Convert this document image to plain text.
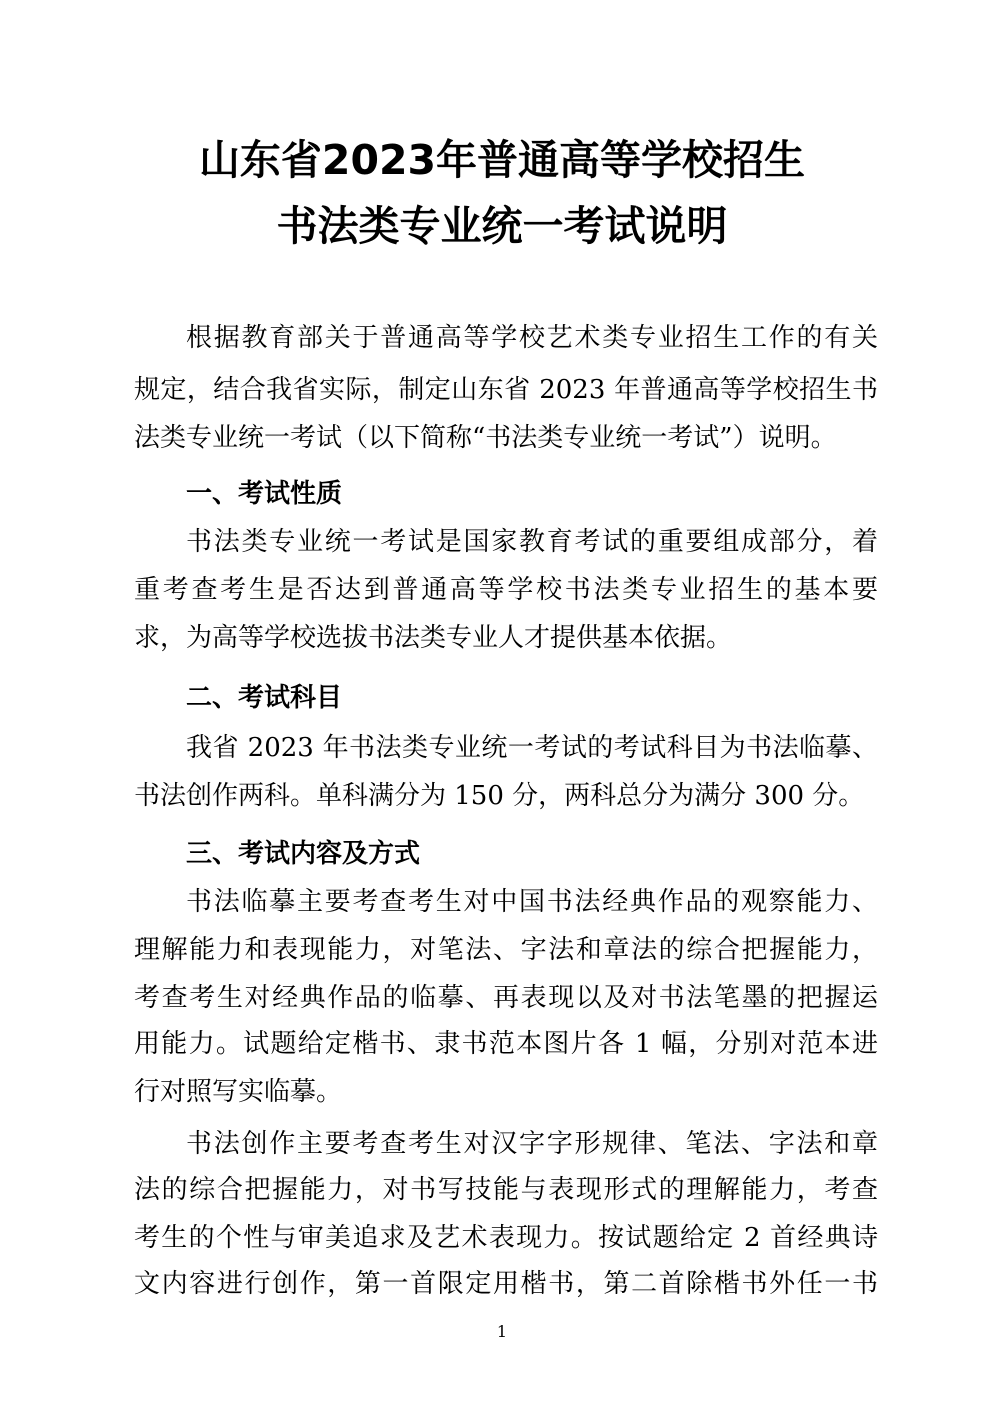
山东省2023年普通高等学校招生
书法类专业统一考试说明
根据教育部关于普通高等学校艺术类专业招生工作的有关
规定，结合我省实际，制定山东省 2023 年普通高等学校招生书
法类专业统一考试（以下简称“书法类专业统一考试”）说明。
一、考试性质
书法类专业统一考试是国家教育考试的重要组成部分，着
重考查考生是否达到普通高等学校书法类专业招生的基本要
求，为高等学校选拔书法类专业人才提供基本依据。
二、考试科目
我省 2023 年书法类专业统一考试的考试科目为书法临摹、
书法创作两科。单科满分为 150 分，两科总分为满分 300 分。
三、考试内容及方式
书法临摹主要考查考生对中国书法经典作品的观察能力、
理解能力和表现能力，对笔法、字法和章法的综合把握能力，
考查考生对经典作品的临摹、再表现以及对书法笔墨的把握运
用能力。试题给定楷书、隶书范本图片各 1 幅，分别对范本进
行对照写实临摹。
书法创作主要考查考生对汉字字形规律、笔法、字法和章
法的综合把握能力，对书写技能与表现形式的理解能力，考查
考生的个性与审美追求及艺术表现力。按试题给定 2 首经典诗
文内容进行创作，第一首限定用楷书，第二首除楷书外任一书
1
